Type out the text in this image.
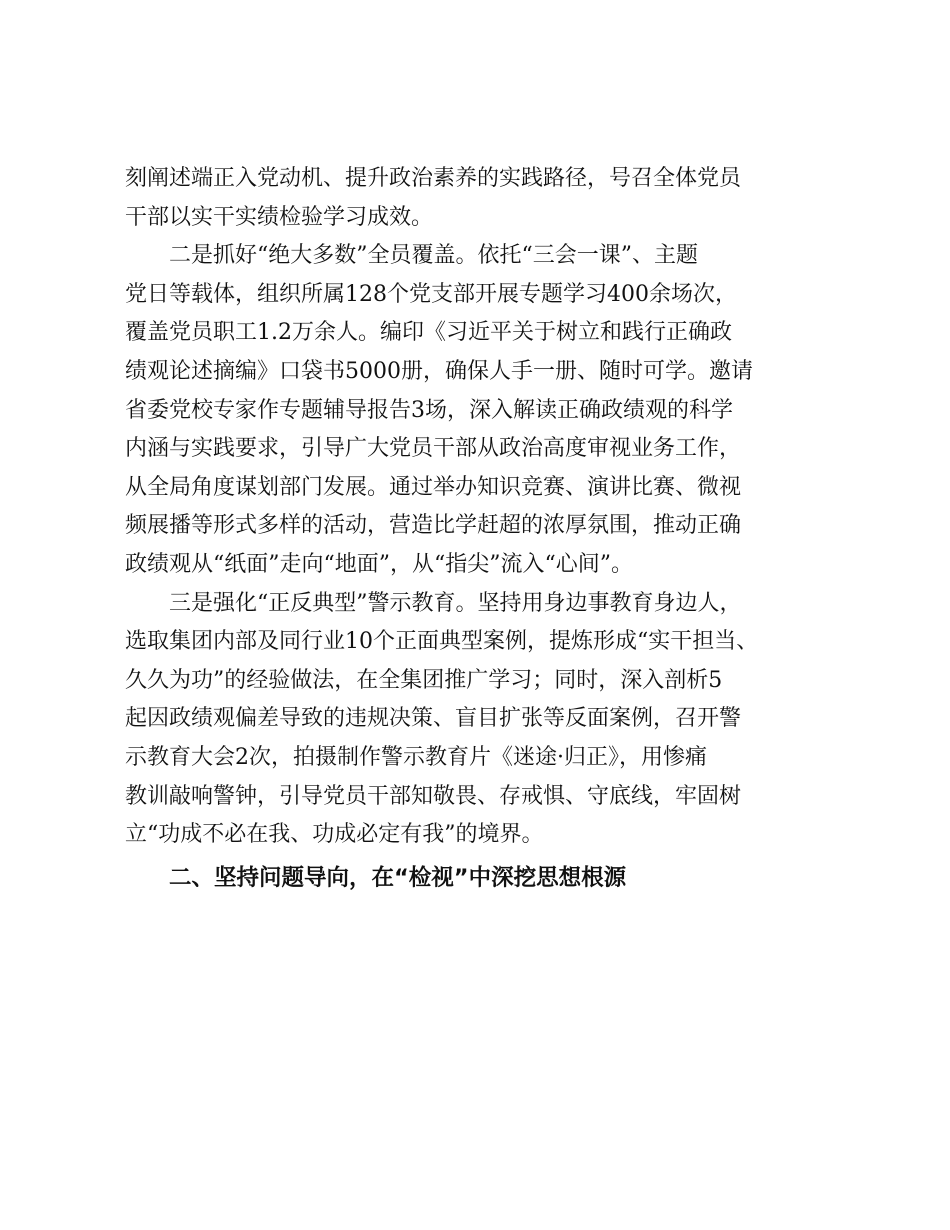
刻阐述端正入党动机、提升政治素养的实践路径，号召全体党员
干部以实干实绩检验学习成效。

二是抓好“绝大多数”全员覆盖。依托“三会一课”、主题
党日等载体，组织所属128个党支部开展专题学习400余场次，
覆盖党员职工1.2万余人。编印《习近平关于树立和践行正确政
绩观论述摘编》口袋书5000册，确保人手一册、随时可学。邀请
省委党校专家作专题辅导报告3场，深入解读正确政绩观的科学
内涵与实践要求，引导广大党员干部从政治高度审视业务工作，
从全局角度谋划部门发展。通过举办知识竞赛、演讲比赛、微视
频展播等形式多样的活动，营造比学赶超的浓厚氛围，推动正确
政绩观从“纸面”走向“地面”，从“指尖”流入“心间”。

三是强化“正反典型”警示教育。坚持用身边事教育身边人，
选取集团内部及同行业10个正面典型案例，提炼形成“实干担当、
久久为功”的经验做法，在全集团推广学习；同时，深入剖析5
起因政绩观偏差导致的违规决策、盲目扩张等反面案例，召开警
示教育大会2次，拍摄制作警示教育片《迷途·归正》，用惨痛
教训敲响警钟，引导党员干部知敬畏、存戒惧、守底线，牢固树
立“功成不必在我、功成必定有我”的境界。

二、坚持问题导向，在“检视”中深挖思想根源
